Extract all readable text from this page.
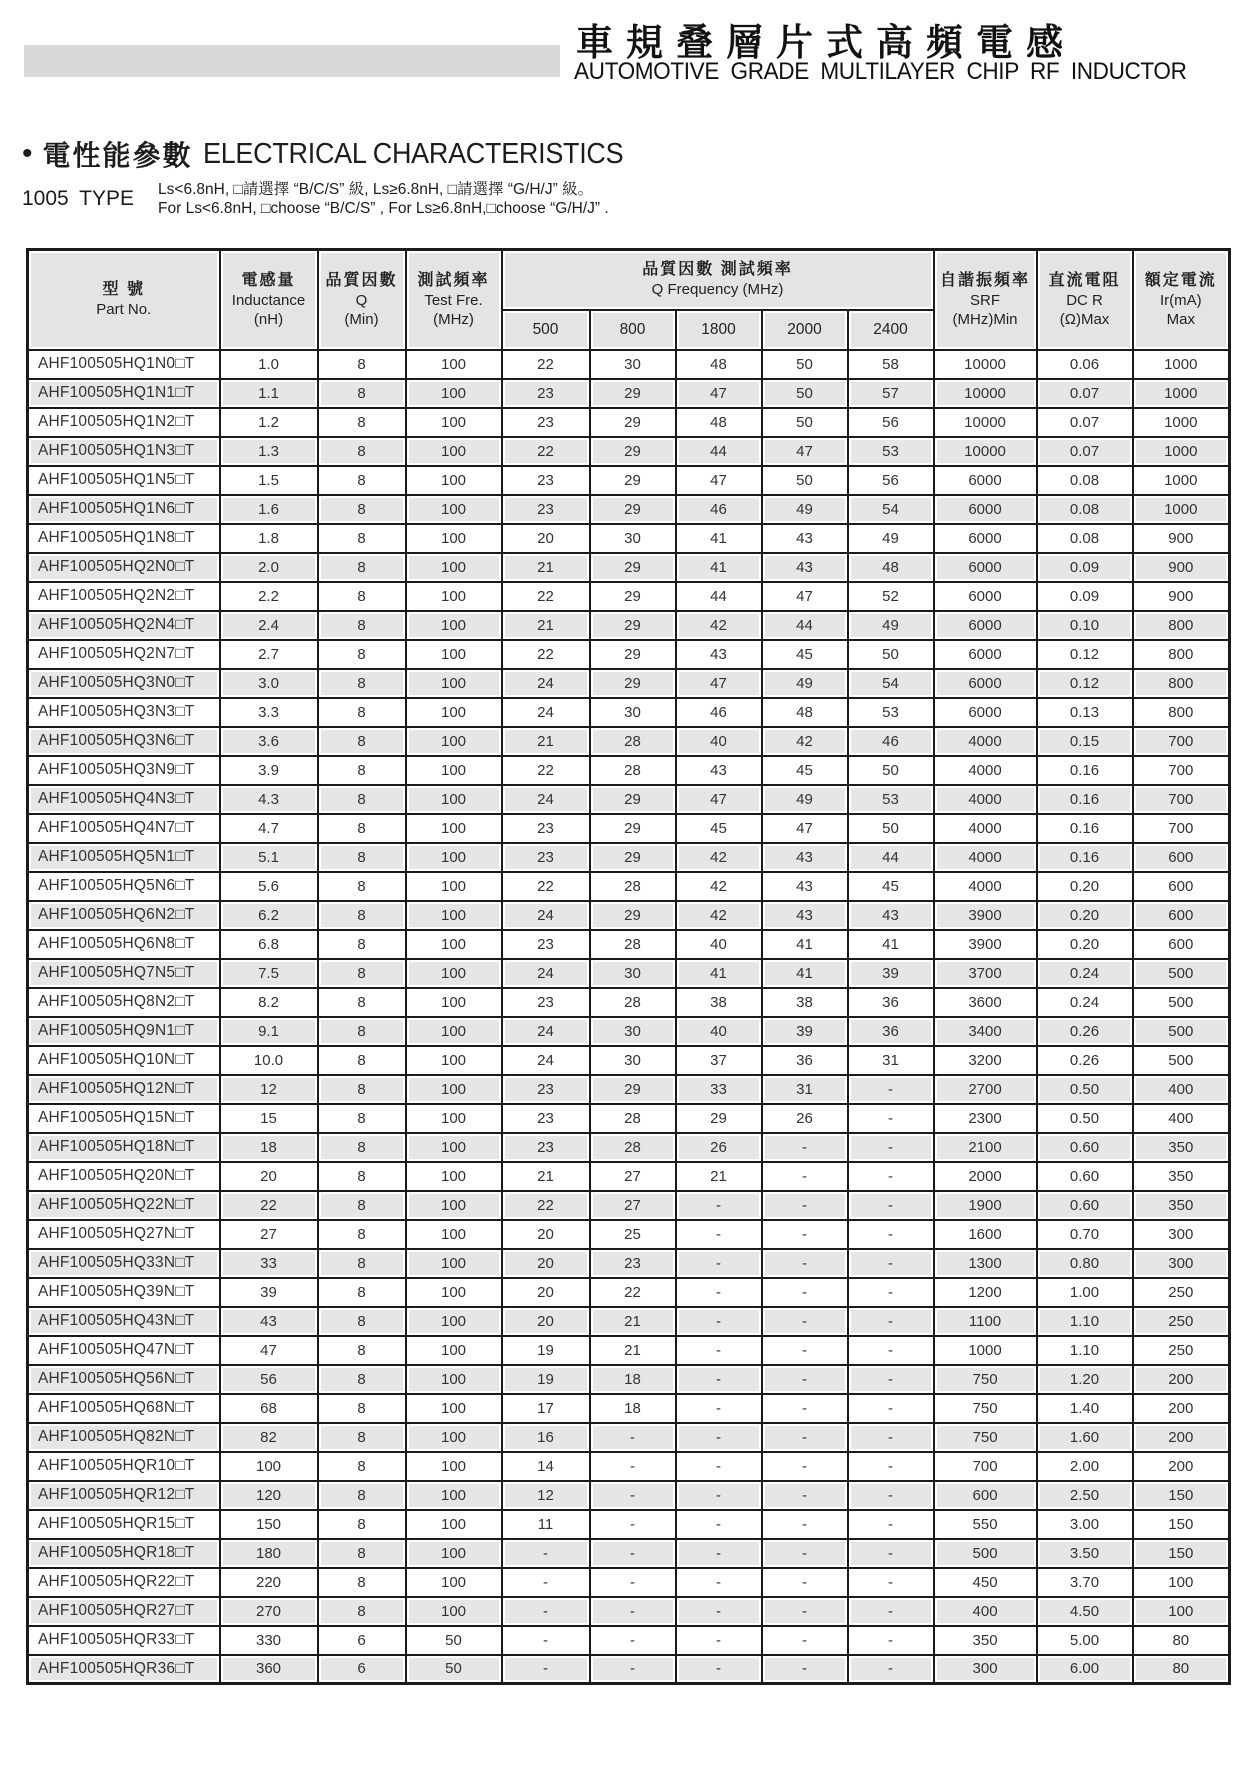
車規叠層片式高頻電感
AUTOMOTIVE GRADE MULTILAYER CHIP RF INDUCTOR
• 電性能參數 ELECTRICAL CHARACTERISTICS
1005 TYPE Ls<6.8nH, □請選擇 “B/C/S” 級, Ls≥6.8nH, □請選擇 “G/H/J” 級。
For Ls<6.8nH, □choose “B/C/S” , For Ls≥6.8nH,□choose “G/H/J” .
型 號
Part No.

電感量
Inductance
(nH)

品質因數
Q
(Min)

測試頻率
Test Fre.
(MHz)

品質因數 測試頻率
Q Frequency (MHz)

自諧振頻率
SRF
(MHz)Min

直流電阻
DC R
(Ω)Max

額定電流
Ir(mA)
Max

				500	800	1800	2000	2400			
AHF100505HQ1N0□T	1.0	8	100	22	30	48	50	58	10000	0.06	1000
AHF100505HQ1N1□T	1.1	8	100	23	29	47	50	57	10000	0.07	1000
AHF100505HQ1N2□T	1.2	8	100	23	29	48	50	56	10000	0.07	1000
AHF100505HQ1N3□T	1.3	8	100	22	29	44	47	53	10000	0.07	1000
AHF100505HQ1N5□T	1.5	8	100	23	29	47	50	56	6000	0.08	1000
AHF100505HQ1N6□T	1.6	8	100	23	29	46	49	54	6000	0.08	1000
AHF100505HQ1N8□T	1.8	8	100	20	30	41	43	49	6000	0.08	900
AHF100505HQ2N0□T	2.0	8	100	21	29	41	43	48	6000	0.09	900
AHF100505HQ2N2□T	2.2	8	100	22	29	44	47	52	6000	0.09	900
AHF100505HQ2N4□T	2.4	8	100	21	29	42	44	49	6000	0.10	800
AHF100505HQ2N7□T	2.7	8	100	22	29	43	45	50	6000	0.12	800
AHF100505HQ3N0□T	3.0	8	100	24	29	47	49	54	6000	0.12	800
AHF100505HQ3N3□T	3.3	8	100	24	30	46	48	53	6000	0.13	800
AHF100505HQ3N6□T	3.6	8	100	21	28	40	42	46	4000	0.15	700
AHF100505HQ3N9□T	3.9	8	100	22	28	43	45	50	4000	0.16	700
AHF100505HQ4N3□T	4.3	8	100	24	29	47	49	53	4000	0.16	700
AHF100505HQ4N7□T	4.7	8	100	23	29	45	47	50	4000	0.16	700
AHF100505HQ5N1□T	5.1	8	100	23	29	42	43	44	4000	0.16	600
AHF100505HQ5N6□T	5.6	8	100	22	28	42	43	45	4000	0.20	600
AHF100505HQ6N2□T	6.2	8	100	24	29	42	43	43	3900	0.20	600
AHF100505HQ6N8□T	6.8	8	100	23	28	40	41	41	3900	0.20	600
AHF100505HQ7N5□T	7.5	8	100	24	30	41	41	39	3700	0.24	500
AHF100505HQ8N2□T	8.2	8	100	23	28	38	38	36	3600	0.24	500
AHF100505HQ9N1□T	9.1	8	100	24	30	40	39	36	3400	0.26	500
AHF100505HQ10N□T	10.0	8	100	24	30	37	36	31	3200	0.26	500
AHF100505HQ12N□T	12	8	100	23	29	33	31	-	2700	0.50	400
AHF100505HQ15N□T	15	8	100	23	28	29	26	-	2300	0.50	400
AHF100505HQ18N□T	18	8	100	23	28	26	-	-	2100	0.60	350
AHF100505HQ20N□T	20	8	100	21	27	21	-	-	2000	0.60	350
AHF100505HQ22N□T	22	8	100	22	27	-	-	-	1900	0.60	350
AHF100505HQ27N□T	27	8	100	20	25	-	-	-	1600	0.70	300
AHF100505HQ33N□T	33	8	100	20	23	-	-	-	1300	0.80	300
AHF100505HQ39N□T	39	8	100	20	22	-	-	-	1200	1.00	250
AHF100505HQ43N□T	43	8	100	20	21	-	-	-	1100	1.10	250
AHF100505HQ47N□T	47	8	100	19	21	-	-	-	1000	1.10	250
AHF100505HQ56N□T	56	8	100	19	18	-	-	-	750	1.20	200
AHF100505HQ68N□T	68	8	100	17	18	-	-	-	750	1.40	200
AHF100505HQ82N□T	82	8	100	16	-	-	-	-	750	1.60	200
AHF100505HQR10□T	100	8	100	14	-	-	-	-	700	2.00	200
AHF100505HQR12□T	120	8	100	12	-	-	-	-	600	2.50	150
AHF100505HQR15□T	150	8	100	11	-	-	-	-	550	3.00	150
AHF100505HQR18□T	180	8	100	-	-	-	-	-	500	3.50	150
AHF100505HQR22□T	220	8	100	-	-	-	-	-	450	3.70	100
AHF100505HQR27□T	270	8	100	-	-	-	-	-	400	4.50	100
AHF100505HQR33□T	330	6	50	-	-	-	-	-	350	5.00	80
AHF100505HQR36□T	360	6	50	-	-	-	-	-	300	6.00	80
